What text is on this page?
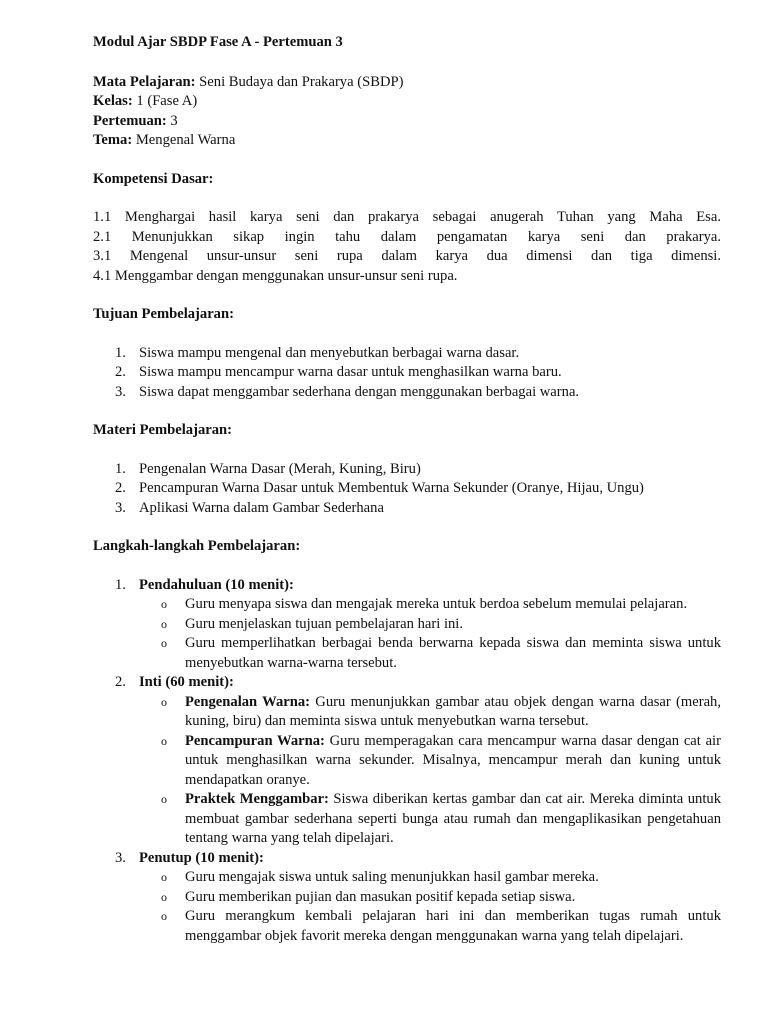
Modul Ajar SBDP Fase A - Pertemuan 3

Mata Pelajaran: Seni Budaya dan Prakarya (SBDP)

Kelas: 1 (Fase A)

Pertemuan: 3

Tema: Mengenal Warna

Kompetensi Dasar:

1.1 Menghargai hasil karya seni dan prakarya sebagai anugerah Tuhan yang Maha Esa.

2.1 Menunjukkan sikap ingin tahu dalam pengamatan karya seni dan prakarya.

3.1 Mengenal unsur-unsur seni rupa dalam karya dua dimensi dan tiga dimensi.

4.1 Menggambar dengan menggunakan unsur-unsur seni rupa.

Tujuan Pembelajaran:

1. Siswa mampu mengenal dan menyebutkan berbagai warna dasar.
2. Siswa mampu mencampur warna dasar untuk menghasilkan warna baru.
3. Siswa dapat menggambar sederhana dengan menggunakan berbagai warna.

Materi Pembelajaran:

1. Pengenalan Warna Dasar (Merah, Kuning, Biru)
2. Pencampuran Warna Dasar untuk Membentuk Warna Sekunder (Oranye, Hijau, Ungu)
3. Aplikasi Warna dalam Gambar Sederhana

Langkah-langkah Pembelajaran:

1. Pendahuluan (10 menit):
o Guru menyapa siswa dan mengajak mereka untuk berdoa sebelum memulai pelajaran.
o Guru menjelaskan tujuan pembelajaran hari ini.
o Guru memperlihatkan berbagai benda berwarna kepada siswa dan meminta siswa untuk menyebutkan warna-warna tersebut.
2. Inti (60 menit):
o Pengenalan Warna: Guru menunjukkan gambar atau objek dengan warna dasar (merah, kuning, biru) dan meminta siswa untuk menyebutkan warna tersebut.
o Pencampuran Warna: Guru memperagakan cara mencampur warna dasar dengan cat air untuk menghasilkan warna sekunder. Misalnya, mencampur merah dan kuning untuk mendapatkan oranye.
o Praktek Menggambar: Siswa diberikan kertas gambar dan cat air. Mereka diminta untuk membuat gambar sederhana seperti bunga atau rumah dan mengaplikasikan pengetahuan tentang warna yang telah dipelajari.
3. Penutup (10 menit):
o Guru mengajak siswa untuk saling menunjukkan hasil gambar mereka.
o Guru memberikan pujian dan masukan positif kepada setiap siswa.
o Guru merangkum kembali pelajaran hari ini dan memberikan tugas rumah untuk menggambar objek favorit mereka dengan menggunakan warna yang telah dipelajari.
